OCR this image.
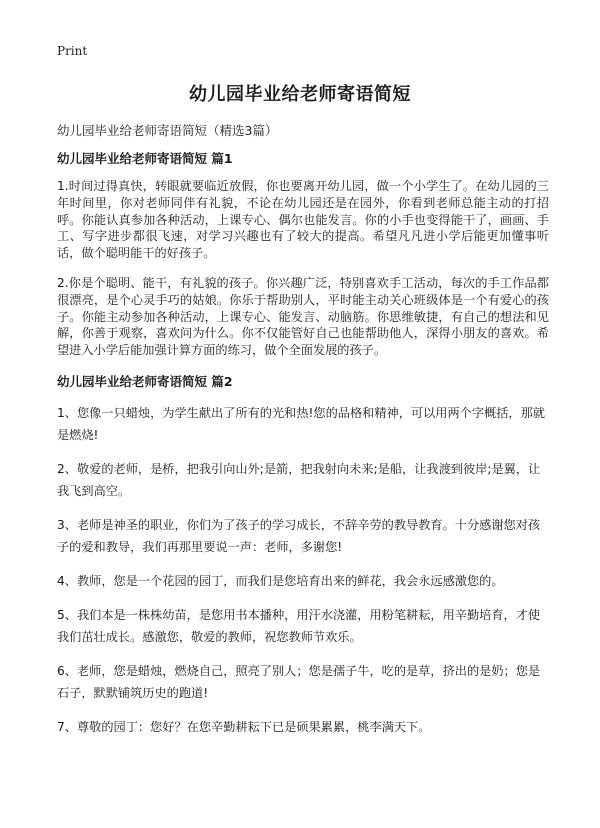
Print
幼儿园毕业给老师寄语简短
幼儿园毕业给老师寄语简短（精选3篇）
幼儿园毕业给老师寄语简短 篇1

1.时间过得真快，转眼就要临近放假，你也要离开幼儿园，做一个小学生了。在幼儿园的三年时间里，你对老师同伴有礼貌，不论在幼儿园还是在园外，你看到老师总能主动的打招呼。你能认真参加各种活动，上课专心、偶尔也能发言。你的小手也变得能干了，画画、手工、写字进步都很飞速，对学习兴趣也有了较大的提高。希望凡凡进小学后能更加懂事听话，做个聪明能干的好孩子。

2.你是个聪明、能干，有礼貌的孩子。你兴趣广泛，特别喜欢手工活动，每次的手工作品都很漂亮，是个心灵手巧的姑娘。你乐于帮助别人，平时能主动关心班级体是一个有爱心的孩子。你能主动参加各种活动，上课专心、能发言、动脑筋。你思维敏捷，有自己的想法和见解，你善于观察，喜欢问为什么。你不仅能管好自己也能帮助他人，深得小朋友的喜欢。希望进入小学后能加强计算方面的练习，做个全面发展的孩子。

幼儿园毕业给老师寄语简短 篇2

1、您像一只蜡烛，为学生献出了所有的光和热!您的品格和精神，可以用两个字概括，那就是燃烧!

2、敬爱的老师，是桥，把我引向山外;是箭，把我射向未来;是船，让我渡到彼岸;是翼，让我飞到高空。

3、老师是神圣的职业，你们为了孩子的学习成长，不辞辛劳的教导教育。十分感谢您对孩子的爱和教导，我们再那里要说一声：老师，多谢您!

4、教师，您是一个花园的园丁，而我们是您培育出来的鲜花，我会永远感激您的。

5、我们本是一株株幼苗，是您用书本播种，用汗水浇灌，用粉笔耕耘，用辛勤培育，才使我们茁壮成长。感激您，敬爱的教师，祝您教师节欢乐。

6、老师，您是蜡烛，燃烧自己，照亮了别人；您是孺子牛，吃的是草，挤出的是奶；您是石子，默默铺筑历史的跑道!

7、尊敬的园丁：您好？在您辛勤耕耘下已是硕果累累，桃李满天下。
